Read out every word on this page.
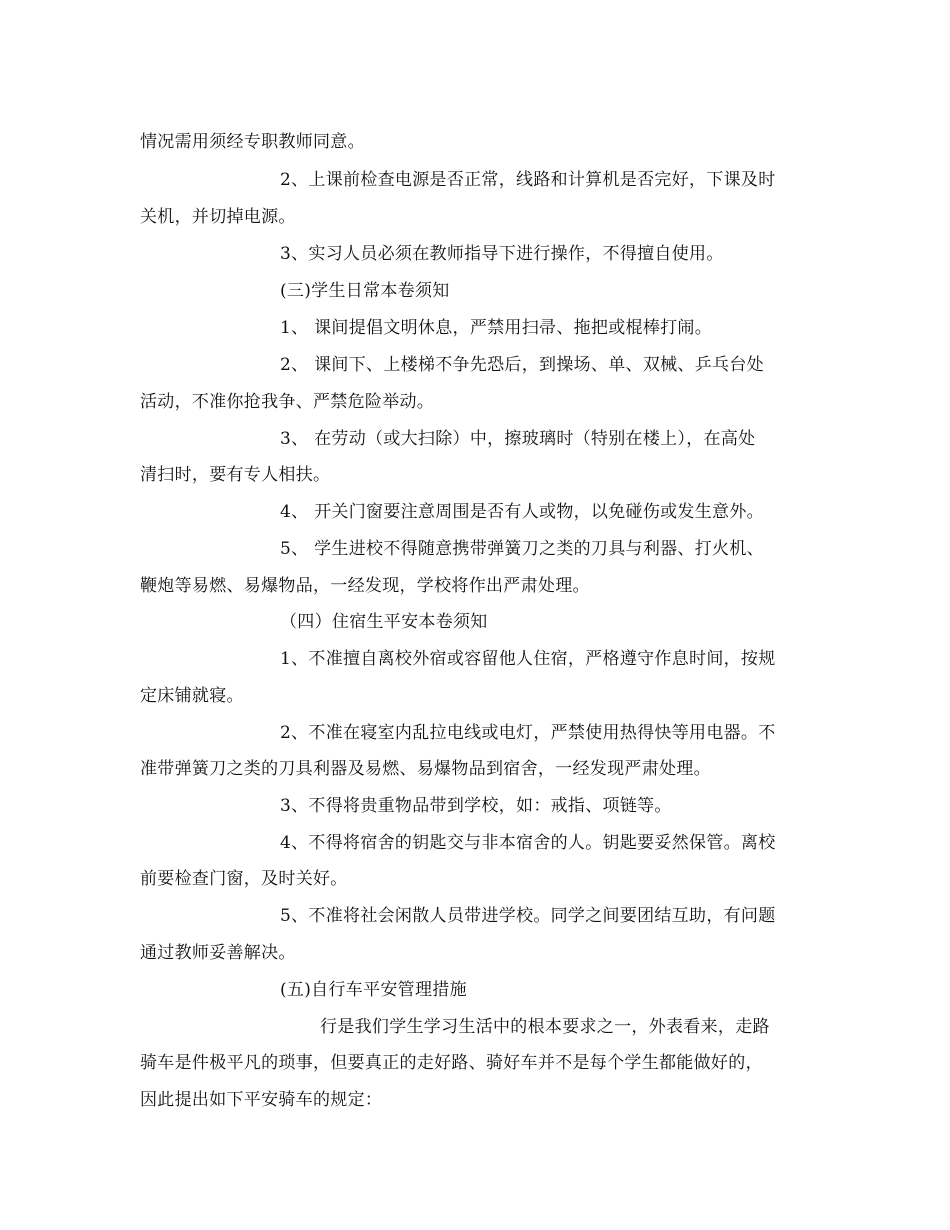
情况需用须经专职教师同意。
2、上课前检查电源是否正常，线路和计算机是否完好，下课及时
关机，并切掉电源。
3、实习人员必须在教师指导下进行操作，不得擅自使用。
(三)学生日常本卷须知
1、 课间提倡文明休息，严禁用扫帚、拖把或棍棒打闹。
2、 课间下、上楼梯不争先恐后，到操场、单、双械、乒乓台处
活动，不准你抢我争、严禁危险举动。
3、 在劳动（或大扫除）中，擦玻璃时（特别在楼上），在高处
清扫时，要有专人相扶。
4、 开关门窗要注意周围是否有人或物，以免碰伤或发生意外。
5、 学生进校不得随意携带弹簧刀之类的刀具与利器、打火机、
鞭炮等易燃、易爆物品，一经发现，学校将作出严肃处理。
（四）住宿生平安本卷须知
1、不准擅自离校外宿或容留他人住宿，严格遵守作息时间，按规
定床铺就寝。
2、不准在寝室内乱拉电线或电灯，严禁使用热得快等用电器。不
准带弹簧刀之类的刀具利器及易燃、易爆物品到宿舍，一经发现严肃处理。
3、不得将贵重物品带到学校，如：戒指、项链等。
4、不得将宿舍的钥匙交与非本宿舍的人。钥匙要妥然保管。离校
前要检查门窗，及时关好。
5、不准将社会闲散人员带进学校。同学之间要团结互助，有问题
通过教师妥善解决。
(五)自行车平安管理措施
行是我们学生学习生活中的根本要求之一，外表看来，走路
骑车是件极平凡的琐事，但要真正的走好路、骑好车并不是每个学生都能做好的，
因此提出如下平安骑车的规定：
